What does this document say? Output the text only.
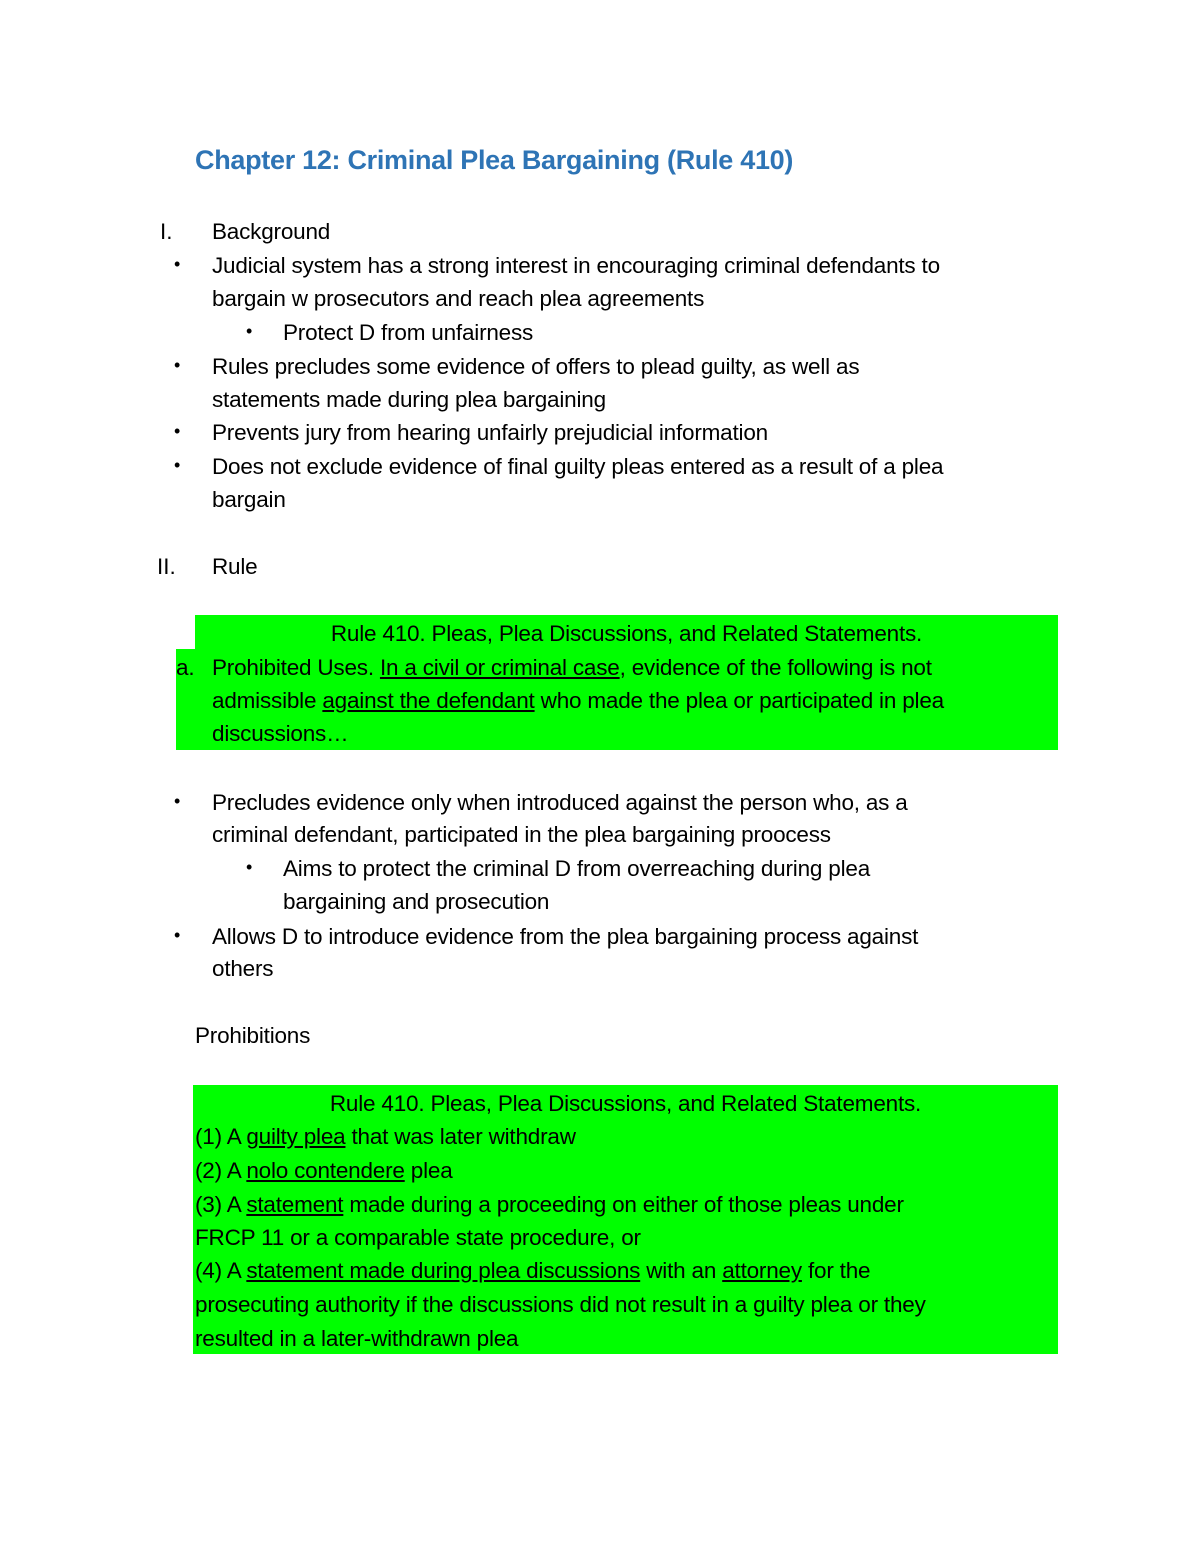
Chapter 12: Criminal Plea Bargaining (Rule 410)
I. Background
• Judicial system has a strong interest in encouraging criminal defendants to
bargain w prosecutors and reach plea agreements
• Protect D from unfairness
• Rules precludes some evidence of offers to plead guilty, as well as
statements made during plea bargaining
• Prevents jury from hearing unfairly prejudicial information
• Does not exclude evidence of final guilty pleas entered as a result of a plea
bargain
II. Rule
Rule 410. Pleas, Plea Discussions, and Related Statements.
a. Prohibited Uses. In a civil or criminal case, evidence of the following is not
admissible against the defendant who made the plea or participated in plea
discussions…
• Precludes evidence only when introduced against the person who, as a
criminal defendant, participated in the plea bargaining proocess
• Aims to protect the criminal D from overreaching during plea
bargaining and prosecution
• Allows D to introduce evidence from the plea bargaining process against
others
Prohibitions
Rule 410. Pleas, Plea Discussions, and Related Statements.
(1) A guilty plea that was later withdraw
(2) A nolo contendere plea
(3) A statement made during a proceeding on either of those pleas under
FRCP 11 or a comparable state procedure, or
(4) A statement made during plea discussions with an attorney for the
prosecuting authority if the discussions did not result in a guilty plea or they
resulted in a later-withdrawn plea
